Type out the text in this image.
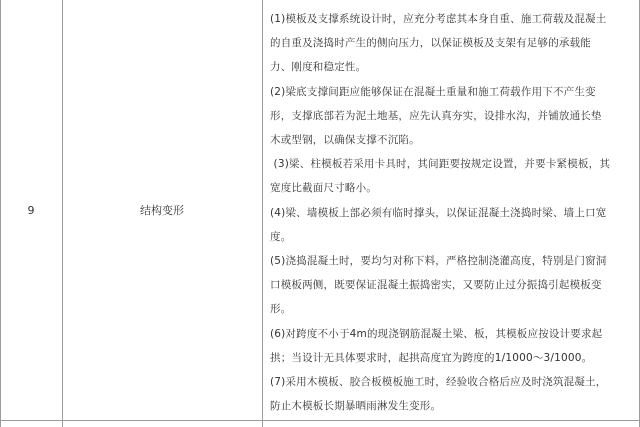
9	结构变形
(1)模板及支撑系统设计时，应充分考虑其本身自重、施工荷载及混凝土
的自重及浇捣时产生的侧向压力，以保证模板及支架有足够的承载能
力、刚度和稳定性。
(2)梁底支撑间距应能够保证在混凝土重量和施工荷载作用下不产生变
形，支撑底部若为泥土地基，应先认真夯实，设排水沟，并铺放通长垫
木或型钢，以确保支撑不沉陷。
(3)梁、柱模板若采用卡具时，其间距要按规定设置，并要卡紧模板，其
宽度比截面尺寸略小。
(4)梁、墙模板上部必须有临时撑头，以保证混凝土浇捣时梁、墙上口宽
度。
(5)浇捣混凝土时，要均匀对称下料，严格控制浇灌高度，特别是门窗洞
口模板两侧，既要保证混凝土振捣密实，又要防止过分振捣引起模板变
形。
(6)对跨度不小于4m的现浇钢筋混凝土梁、板，其模板应按设计要求起
拱；当设计无具体要求时，起拱高度宜为跨度的1/1000～3/1000。
(7)采用木模板、胶合板模板施工时，经验收合格后应及时浇筑混凝土，
防止木模板长期暴晒雨淋发生变形。
